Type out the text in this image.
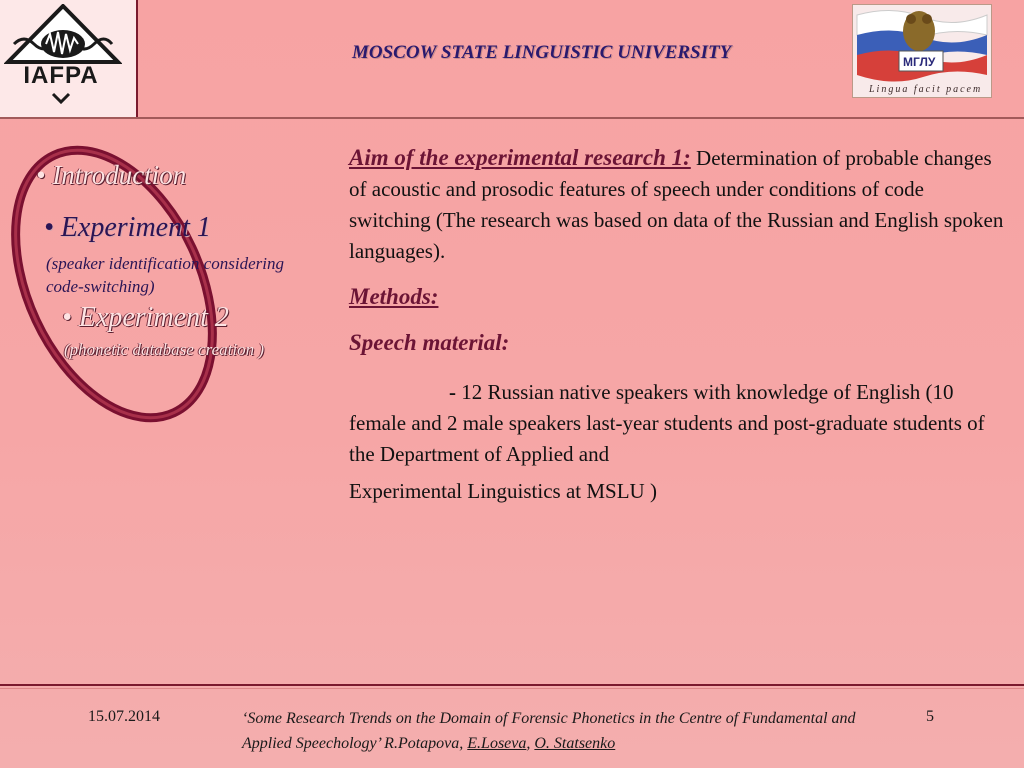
IAFPA
MOSCOW STATE LINGUISTIC UNIVERSITY	МГЛУ
Lingua facit pacem
• Introduction
• Experiment 1
(speaker identification considering code-switching)
• Experiment 2
(phonetic database creation )

Aim of the experimental research 1: Determination of probable changes of acoustic and prosodic features of speech under conditions of code switching (The research was based on data of the Russian and English spoken languages).

Methods:

Speech material:

- 12 Russian native speakers with knowledge of English (10 female and 2 male speakers last-year students and post-graduate students of the Department of Applied and

Experimental Linguistics at MSLU )

15.07.2014	‘Some Research Trends on the Domain of Forensic Phonetics in the Centre of Fundamental and Applied Speechology’ R.Potapova, E.Loseva, O. Statsenko
5
